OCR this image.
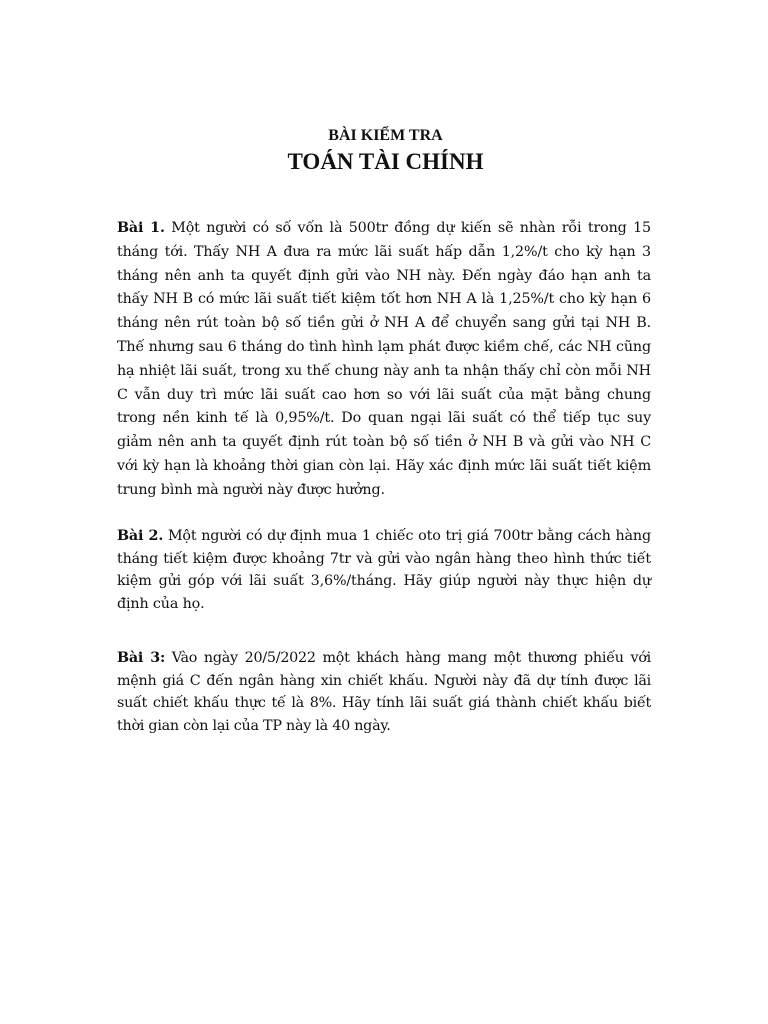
BÀI KIỂM TRA
TOÁN TÀI CHÍNH

Bài 1. Một người có số vốn là 500tr đồng dự kiến sẽ nhàn rỗi trong 15 tháng tới. Thấy NH A đưa ra mức lãi suất hấp dẫn 1,2%/t cho kỳ hạn 3 tháng nên anh ta quyết định gửi vào NH này. Đến ngày đáo hạn anh ta thấy NH B có mức lãi suất tiết kiệm tốt hơn NH A là 1,25%/t cho kỳ hạn 6 tháng nên rút toàn bộ số tiền gửi ở NH A để chuyển sang gửi tại NH B. Thế nhưng sau 6 tháng do tình hình lạm phát được kiềm chế, các NH cũng hạ nhiệt lãi suất, trong xu thế chung này anh ta nhận thấy chỉ còn mỗi NH C vẫn duy trì mức lãi suất cao hơn so với lãi suất của mặt bằng chung trong nền kinh tế là 0,95%/t. Do quan ngại lãi suất có thể tiếp tục suy giảm nên anh ta quyết định rút toàn bộ số tiền ở NH B và gửi vào NH C với kỳ hạn là khoảng thời gian còn lại. Hãy xác định mức lãi suất tiết kiệm trung bình mà người này được hưởng.

Bài 2. Một người có dự định mua 1 chiếc oto trị giá 700tr bằng cách hàng tháng tiết kiệm được khoảng 7tr và gửi vào ngân hàng theo hình thức tiết kiệm gửi góp với lãi suất 3,6%/tháng. Hãy giúp người này thực hiện dự định của họ.

Bài 3: Vào ngày 20/5/2022 một khách hàng mang một thương phiếu với mệnh giá C đến ngân hàng xin chiết khấu. Người này đã dự tính được lãi suất chiết khấu thực tế là 8%. Hãy tính lãi suất giá thành chiết khấu biết thời gian còn lại của TP này là 40 ngày.
